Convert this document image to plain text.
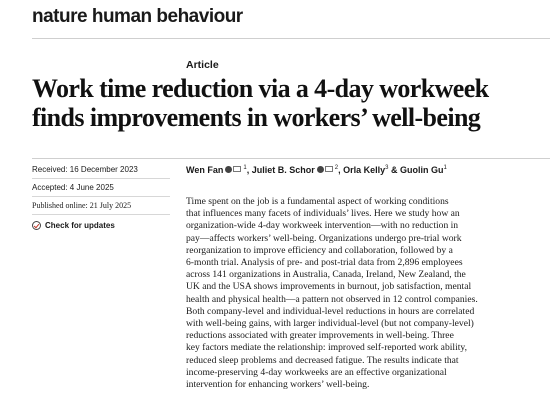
nature human behaviour
Article
Work time reduction via a 4-day workweek
finds improvements in workers’ well-being
Received: 16 December 2023
Accepted: 4 June 2025
Published online: 21 July 2025
Check for updates
Wen Fan	$^1$, Juliet B. Schor	$^2$, Orla Kelly$^3$ & Guolin Gu$^1$
Time spent on the job is a fundamental aspect of working conditions
that influences many facets of individuals’ lives. Here we study how an
organization-wide 4-day workweek intervention—with no reduction in
pay—affects workers’ well-being. Organizations undergo pre-trial work
reorganization to improve efficiency and collaboration, followed by a
6-month trial. Analysis of pre- and post-trial data from 2,896 employees
across 141 organizations in Australia, Canada, Ireland, New Zealand, the
UK and the USA shows improvements in burnout, job satisfaction, mental
health and physical health—a pattern not observed in 12 control companies.
Both company-level and individual-level reductions in hours are correlated
with well-being gains, with larger individual-level (but not company-level)
reductions associated with greater improvements in well-being. Three
key factors mediate the relationship: improved self-reported work ability,
reduced sleep problems and decreased fatigue. The results indicate that
income-preserving 4-day workweeks are an effective organizational
intervention for enhancing workers’ well-being.
